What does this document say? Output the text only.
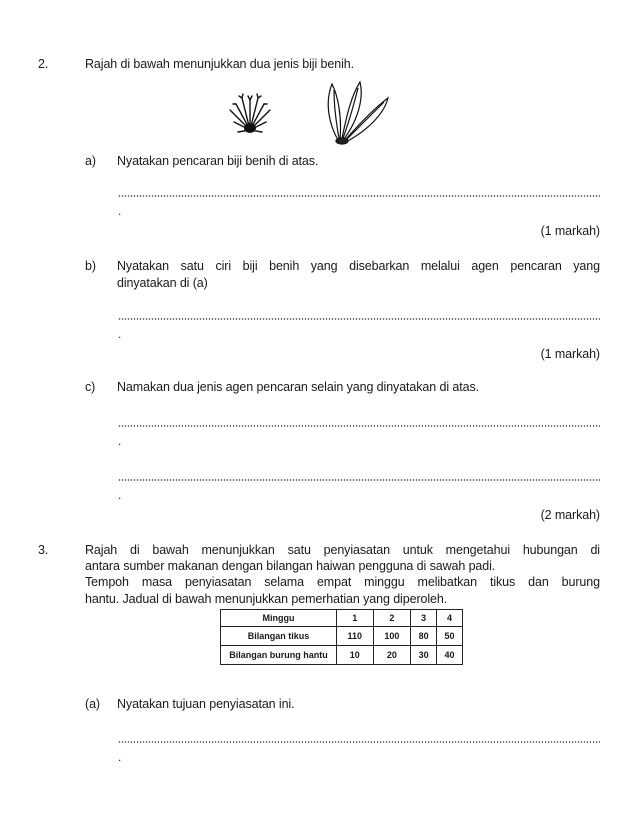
2.	Rajah di bawah menunjukkan dua jenis biji benih.
a) Nyatakan pencaran biji benih di atas.
.
(1 markah)
b) Nyatakan satu ciri biji benih yang disebarkan melalui agen pencaran yang
dinyatakan di (a)
.
(1 markah)
c) Namakan dua jenis agen pencaran selain yang dinyatakan di atas.
.
.
(2 markah)
3.	Rajah di bawah menunjukkan satu penyiasatan untuk mengetahui hubungan di
antara sumber makanan dengan bilangan haiwan pengguna di sawah padi.
Tempoh masa penyiasatan selama empat minggu melibatkan tikus dan burung
hantu. Jadual di bawah menunjukkan pemerhatian yang diperoleh.
Minggu	1	2	3	4
Bilangan tikus	110	100	80	50
Bilangan burung hantu	10	20	30	40
(a) Nyatakan tujuan penyiasatan ini.
.
